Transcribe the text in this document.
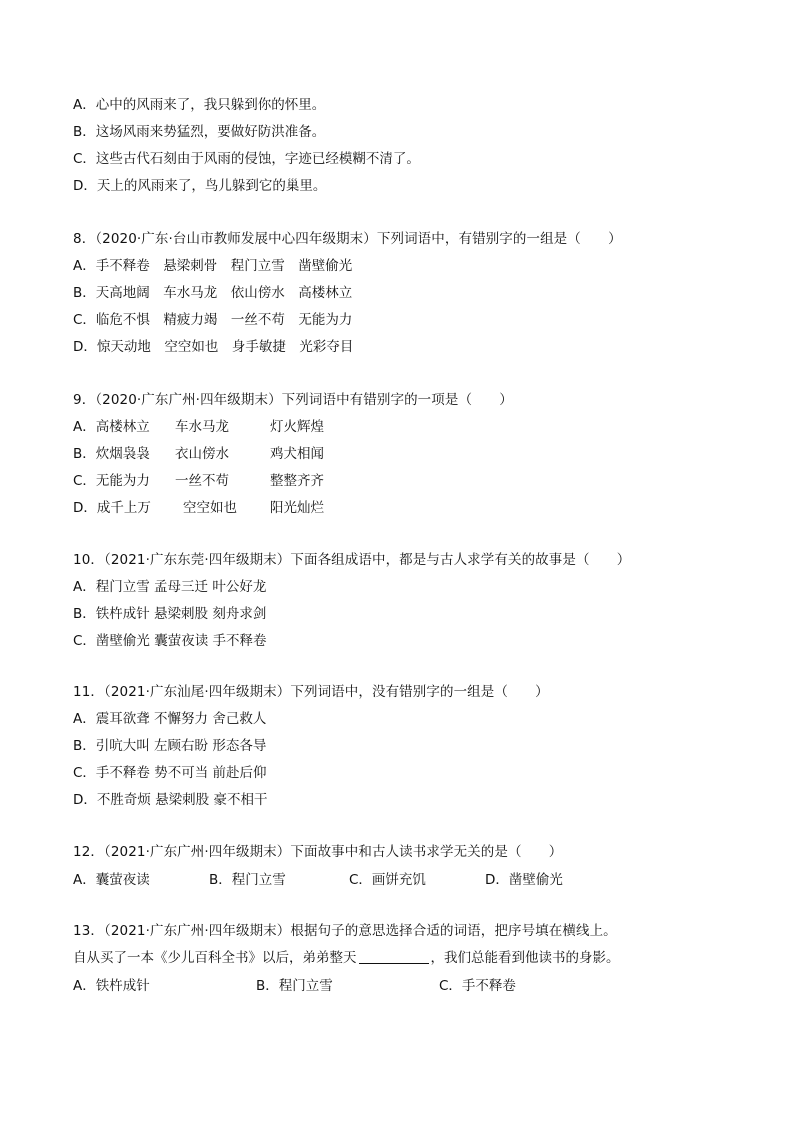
A．心中的风雨来了，我只躲到你的怀里。
B．这场风雨来势猛烈，要做好防洪准备。
C．这些古代石刻由于风雨的侵蚀，字迹已经模糊不清了。
D．天上的风雨来了，鸟儿躲到它的巢里。
8．（2020·广东·台山市教师发展中心四年级期末）下列词语中，有错别字的一组是（　　）
A．手不释卷　悬梁刺骨　程门立雪　凿壁偷光
B．天高地阔　车水马龙　依山傍水　高楼林立
C．临危不惧　精疲力竭　一丝不苟　无能为力
D．惊天动地　空空如也　身手敏捷　光彩夺目
9．（2020·广东广州·四年级期末）下列词语中有错别字的一项是（　　）
A．高楼林立 车水马龙	灯火辉煌
B．炊烟袅袅 衣山傍水	鸡犬相闻
C．无能为力 一丝不苟	整整齐齐
D．成千上万 空空如也 阳光灿烂
10．（2021·广东东莞·四年级期末）下面各组成语中，都是与古人求学有关的故事是（　　）
A．程门立雪 孟母三迁 叶公好龙
B．铁杵成针 悬梁刺股 刻舟求剑
C．凿壁偷光 囊萤夜读 手不释卷
11．（2021·广东汕尾·四年级期末）下列词语中，没有错别字的一组是（　　）
A．震耳欲聋 不懈努力 舍己救人
B．引吭大叫 左顾右盼 形态各导
C．手不释卷 势不可当 前赴后仰
D．不胜奇烦 悬梁刺股 豪不相干
12．（2021·广东广州·四年级期末）下面故事中和古人读书求学无关的是（　　）
A．囊萤夜读	B．程门立雪	C．画饼充饥	D．凿壁偷光
13．（2021·广东广州·四年级期末）根据句子的意思选择合适的词语，把序号填在横线上。
自从买了一本《少儿百科全书》以后，弟弟整天	，我们总能看到他读书的身影。
A．铁杵成针	B．程门立雪	C．手不释卷
